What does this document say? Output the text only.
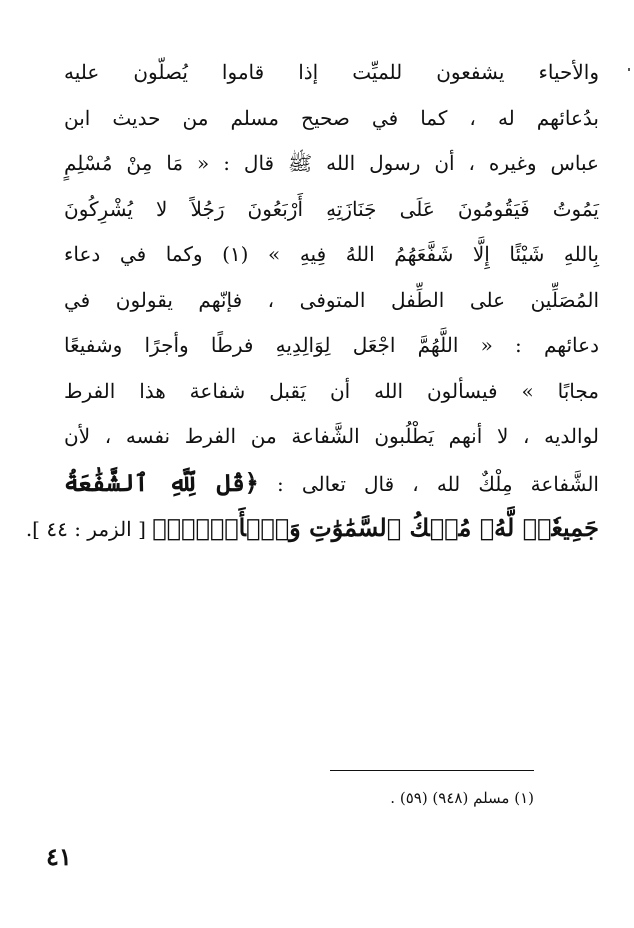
والأحياء يشفعون للميِّت إذا قاموا يُصلّون عليه
بدُعائهم له ، كما في صحيح مسلم من حديث ابن
عباس وغيره ، أن رسول الله ﷺ قال : « مَا مِنْ مُسْلِمٍ
يَمُوتُ فَيَقُومُونَ عَلَى جَنَازَتِهِ أَرْبَعُونَ رَجُلاً لا يُشْرِكُونَ
بِاللهِ شَيْئًا إِلَّا شَفَّعَهُمُ اللهُ فِيهِ » (١) وكما في دعاء
المُصَلِّين على الطِّفل المتوفى ، فإنّهم يقولون في
دعائهم : « اللَّهُمَّ اجْعَل لِوَالِدِيهِ فرطًا وأجرًا وشفيعًا
مجابًا » فيسألون الله أن يَقبل شفاعة هذا الفرط
لوالديه ، لا أنهم يَطْلُبون الشَّفاعة من الفرط نفسه ، لأن
الشَّفاعة مِلْكٌ لله ، قال تعالى : ﴿قُل لِّلَّهِ ٱلشَّفَٰعَةُ
جَمِيعٗاۖ لَّهُۥ مُلۡكُ ٱلسَّمَٰوَٰتِ وَٱلۡأَرۡضِۖ﴾ [ الزمر : ٤٤ ].
(١) مسلم (٩٤٨) (٥٩) .
٤١
